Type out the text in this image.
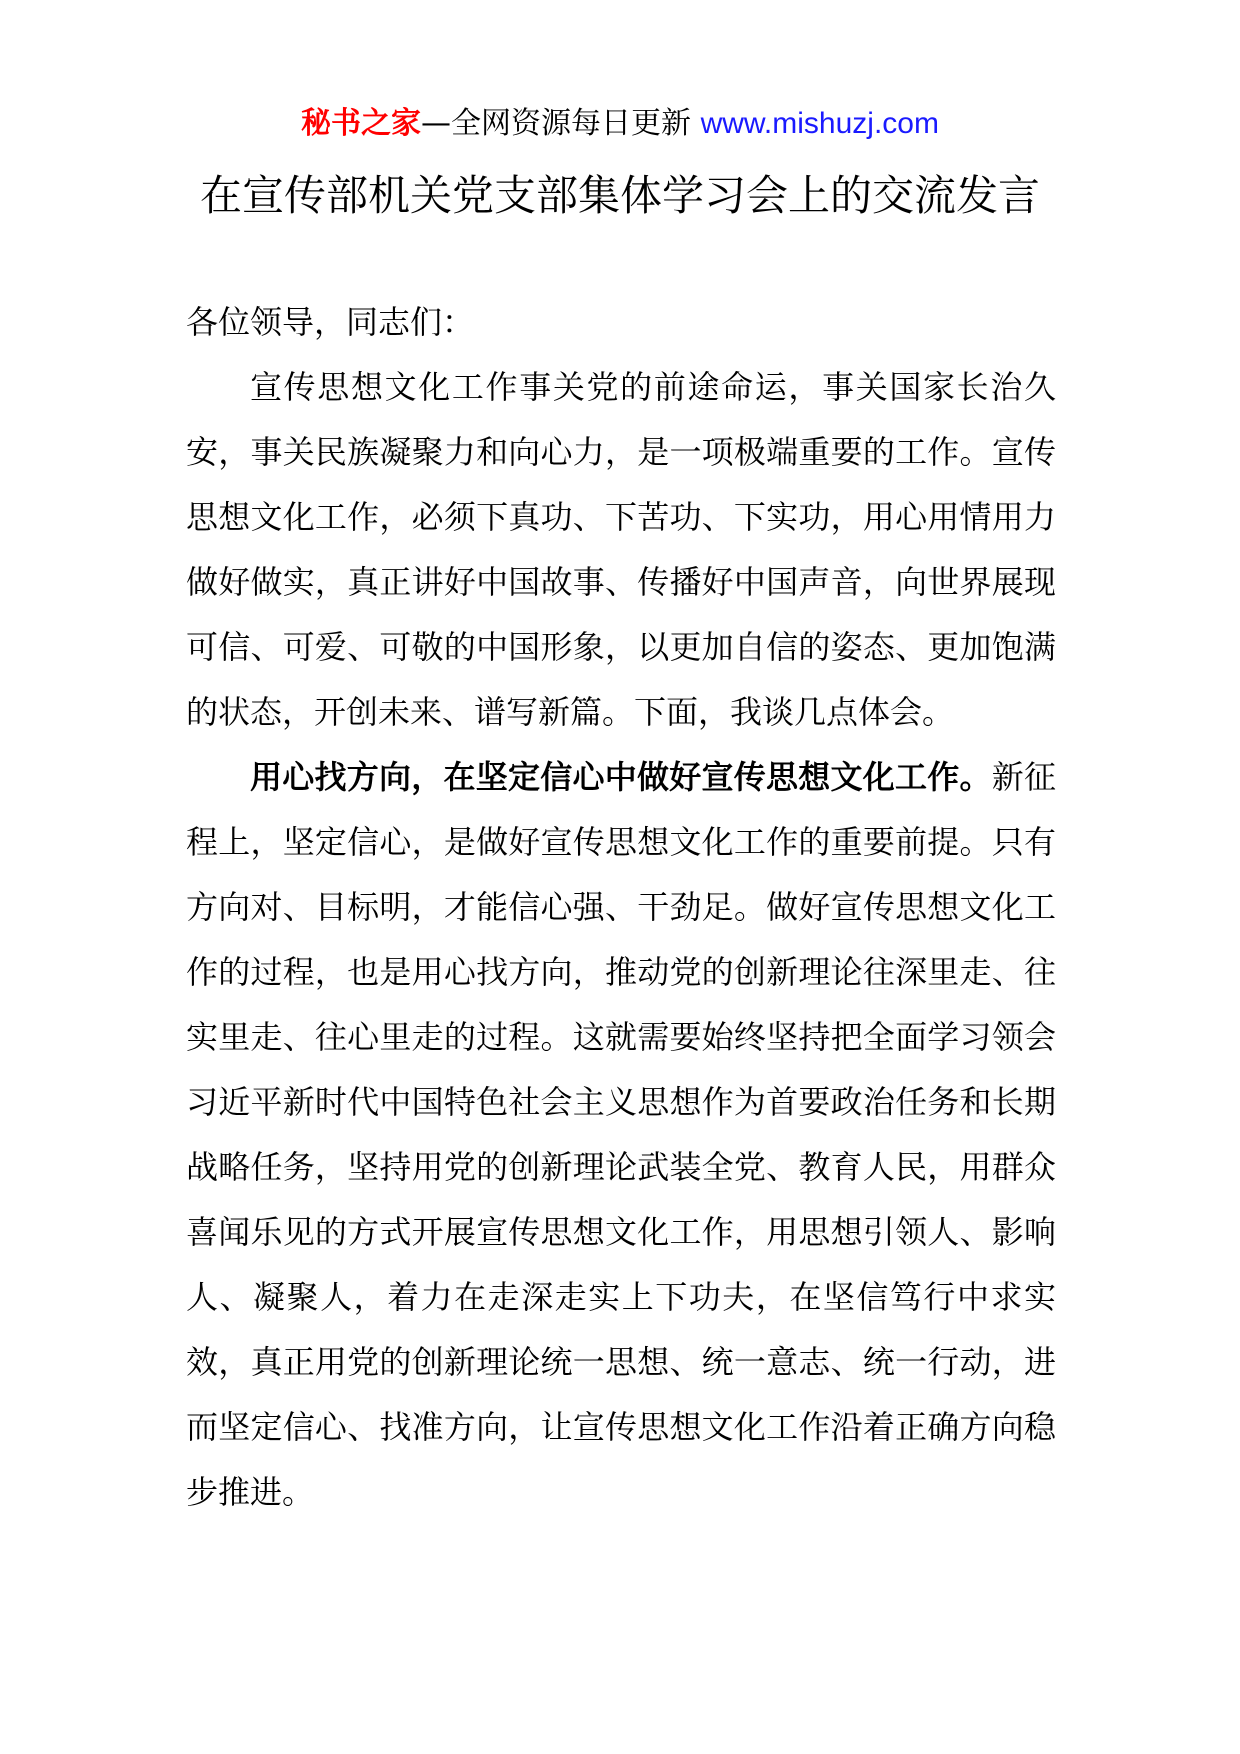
秘书之家—全网资源每日更新 www.mishuzj.com
在宣传部机关党支部集体学习会上的交流发言

各位领导，同志们：

宣传思想文化工作事关党的前途命运，事关国家长治久安，事关民族凝聚力和向心力，是一项极端重要的工作。宣传思想文化工作，必须下真功、下苦功、下实功，用心用情用力做好做实，真正讲好中国故事、传播好中国声音，向世界展现可信、可爱、可敬的中国形象，以更加自信的姿态、更加饱满的状态，开创未来、谱写新篇。下面，我谈几点体会。

用心找方向，在坚定信心中做好宣传思想文化工作。新征程上，坚定信心，是做好宣传思想文化工作的重要前提。只有方向对、目标明，才能信心强、干劲足。做好宣传思想文化工作的过程，也是用心找方向，推动党的创新理论往深里走、往实里走、往心里走的过程。这就需要始终坚持把全面学习领会习近平新时代中国特色社会主义思想作为首要政治任务和长期战略任务，坚持用党的创新理论武装全党、教育人民，用群众喜闻乐见的方式开展宣传思想文化工作，用思想引领人、影响人、凝聚人，着力在走深走实上下功夫，在坚信笃行中求实效，真正用党的创新理论统一思想、统一意志、统一行动，进而坚定信心、找准方向，让宣传思想文化工作沿着正确方向稳步推进。
